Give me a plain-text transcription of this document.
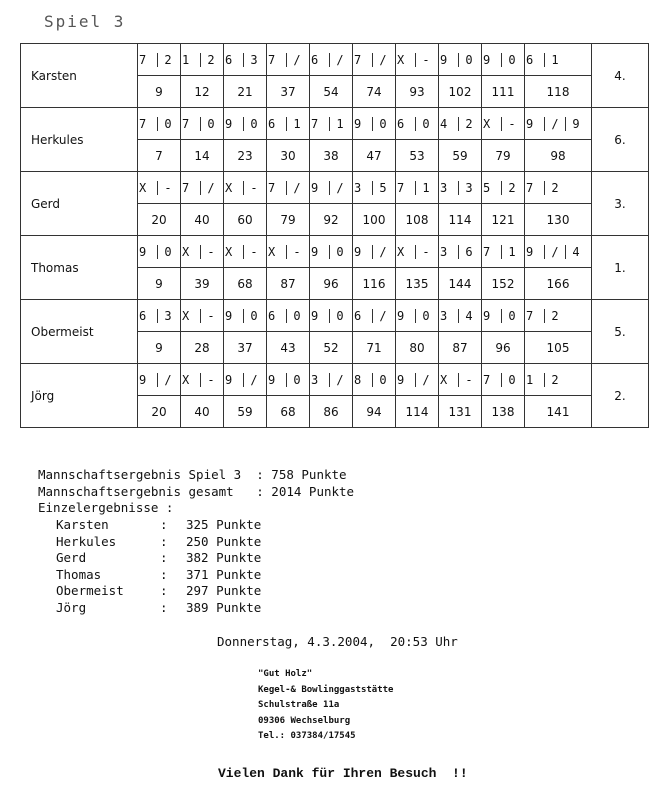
Spiel 3
Karsten	7 2	1 2	6 3	7 /	6 /	7 /	X -	9 0	9 0	6 1	4.
	9	12	21	37	54	74	93	102	111	118	
Herkules	7 0	7 0	9 0	6 1	7 1	9 0	6 0	4 2	X -	9 / 9	6.
	7	14	23	30	38	47	53	59	79	98	
Gerd	X -	7 /	X -	7 /	9 /	3 5	7 1	3 3	5 2	7 2	3.
	20	40	60	79	92	100	108	114	121	130	
Thomas	9 0	X -	X -	X -	9 0	9 /	X -	3 6	7 1	9 / 4	1.
	9	39	68	87	96	116	135	144	152	166	
Obermeist	6 3	X -	9 0	6 0	9 0	6 /	9 0	3 4	9 0	7 2	5.
	9	28	37	43	52	71	80	87	96	105	
Jörg	9 /	X -	9 /	9 0	3 /	8 0	9 /	X -	7 0	1 2	2.
	20	40	59	68	86	94	114	131	138	141	
Mannschaftsergebnis Spiel 3  : 758 Punkte
Mannschaftsergebnis gesamt   : 2014 Punkte
Einzelergebnisse :
Karsten	: 325 Punkte
Herkules	: 250 Punkte
Gerd	: 382 Punkte
Thomas	: 371 Punkte
Obermeist	: 297 Punkte
Jörg	: 389 Punkte
Donnerstag, 4.3.2004,  20:53 Uhr
"Gut Holz"
Kegel-& Bowlinggaststätte
Schulstraße 11a
09306 Wechselburg
Tel.: 037384/17545
Vielen Dank für Ihren Besuch  !!
